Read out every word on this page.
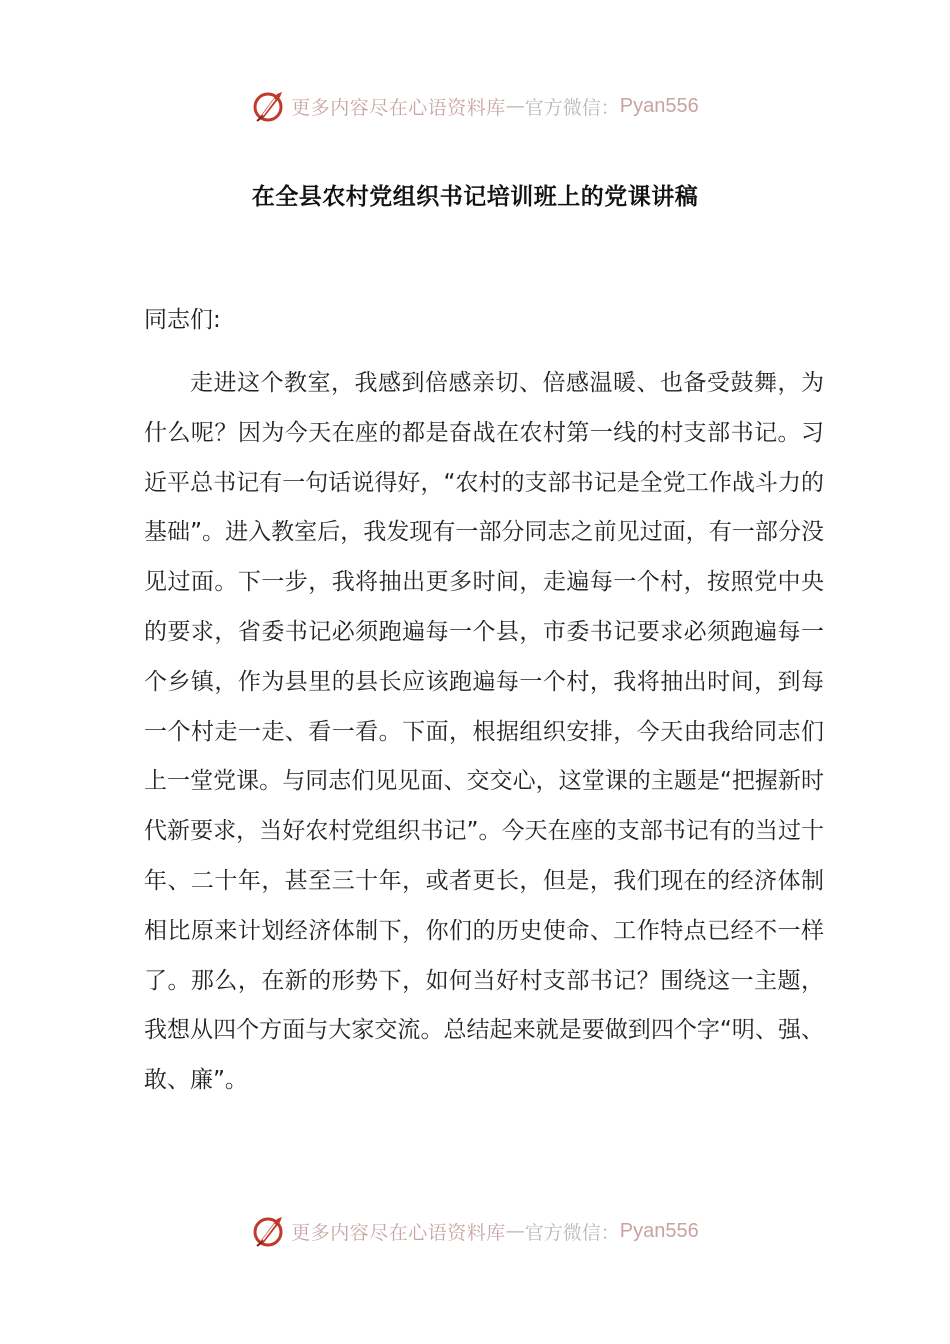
更多内容尽在心语资料库 — 官方微信： Pyan556
在全县农村党组织书记培训班上的党课讲稿
同志们:

走进这个教室，我感到倍感亲切、倍感温暖、也备受鼓舞，为什么呢？因为今天在座的都是奋战在农村第一线的村支部书记。习近平总书记有一句话说得好，“农村的支部书记是全党工作战斗力的基础”。进入教室后，我发现有一部分同志之前见过面，有一部分没见过面。下一步，我将抽出更多时间，走遍每一个村，按照党中央的要求，省委书记必须跑遍每一个县，市委书记要求必须跑遍每一个乡镇，作为县里的县长应该跑遍每一个村，我将抽出时间，到每一个村走一走、看一看。下面，根据组织安排，今天由我给同志们上一堂党课。与同志们见见面、交交心，这堂课的主题是“把握新时代新要求，当好农村党组织书记”。今天在座的支部书记有的当过十年、二十年，甚至三十年，或者更长，但是，我们现在的经济体制相比原来计划经济体制下，你们的历史使命、工作特点已经不一样了。那么，在新的形势下，如何当好村支部书记？围绕这一主题，我想从四个方面与大家交流。总结起来就是要做到四个字“明、强、敢、廉”。

更多内容尽在心语资料库 — 官方微信： Pyan556
